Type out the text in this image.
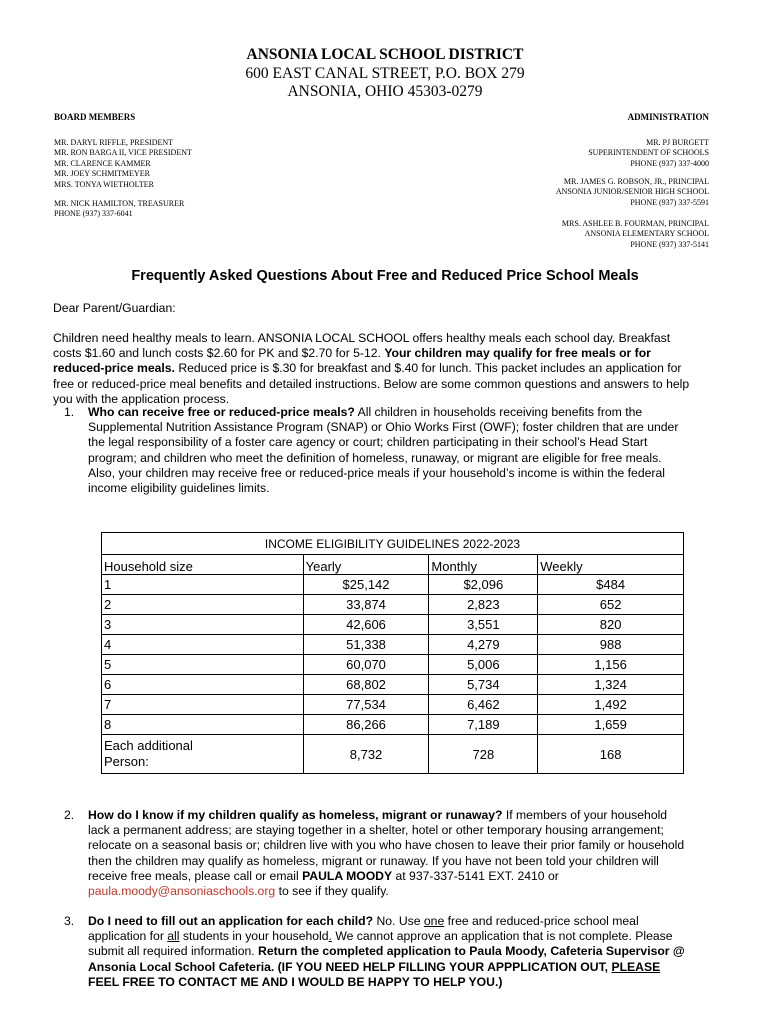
ANSONIA LOCAL SCHOOL DISTRICT
600 EAST CANAL STREET, P.O. BOX 279
ANSONIA, OHIO 45303-0279
BOARD MEMBERS	ADMINISTRATION
MR. DARYL RIFFLE, PRESIDENT
MR. RON BARGA II, VICE PRESIDENT
MR. CLARENCE KAMMER
MR. JOEY SCHMITMEYER
MRS. TONYA WIETHOLTER
MR. NICK HAMILTON, TREASURER
PHONE (937) 337-6041
MR. PJ BURGETT
SUPERINTENDENT OF SCHOOLS
PHONE (937) 337-4000
MR. JAMES G. ROBSON, JR., PRINCIPAL
ANSONIA JUNIOR/SENIOR HIGH SCHOOL
PHONE (937) 337-5591
MRS. ASHLEE B. FOURMAN, PRINCIPAL
ANSONIA ELEMENTARY SCHOOL
PHONE (937) 337-5141
Frequently Asked Questions About Free and Reduced Price School Meals
Dear Parent/Guardian:
Children need healthy meals to learn. ANSONIA LOCAL SCHOOL offers healthy meals each school day. Breakfast
costs $1.60 and lunch costs $2.60 for PK and $2.70 for 5-12. Your children may qualify for free meals or for
reduced-price meals. Reduced price is $.30 for breakfast and $.40 for lunch. This packet includes an application for
free or reduced-price meal benefits and detailed instructions. Below are some common questions and answers to help
you with the application process.
1. Who can receive free or reduced-price meals? All children in households receiving benefits from the
Supplemental Nutrition Assistance Program (SNAP) or Ohio Works First (OWF); foster children that are under
the legal responsibility of a foster care agency or court; children participating in their school’s Head Start
program; and children who meet the definition of homeless, runaway, or migrant are eligible for free meals.
Also, your children may receive free or reduced-price meals if your household’s income is within the federal
income eligibility guidelines limits.
INCOME ELIGIBILITY GUIDELINES 2022-2023			
Household size	Yearly	Monthly	Weekly
1	$25,142	$2,096	$484
2	33,874	2,823	652
3	42,606	3,551	820
4	51,338	4,279	988
5	60,070	5,006	1,156
6	68,802	5,734	1,324
7	77,534	6,462	1,492
8	86,266	7,189	1,659

Each additional
Person:	8,732	728	168
2. How do I know if my children qualify as homeless, migrant or runaway? If members of your household
lack a permanent address; are staying together in a shelter, hotel or other temporary housing arrangement;
relocate on a seasonal basis or; children live with you who have chosen to leave their prior family or household
then the children may qualify as homeless, migrant or runaway. If you have not been told your children will
receive free meals, please call or email PAULA MOODY at 937-337-5141 EXT. 2410 or
paula.moody@ansoniaschools.org to see if they qualify.
3. Do I need to fill out an application for each child? No. Use one free and reduced-price school meal
application for all students in your household. We cannot approve an application that is not complete. Please
submit all required information. Return the completed application to Paula Moody, Cafeteria Supervisor @
Ansonia Local School Cafeteria. (IF YOU NEED HELP FILLING YOUR APPPLICATION OUT, PLEASE
FEEL FREE TO CONTACT ME AND I WOULD BE HAPPY TO HELP YOU.)
